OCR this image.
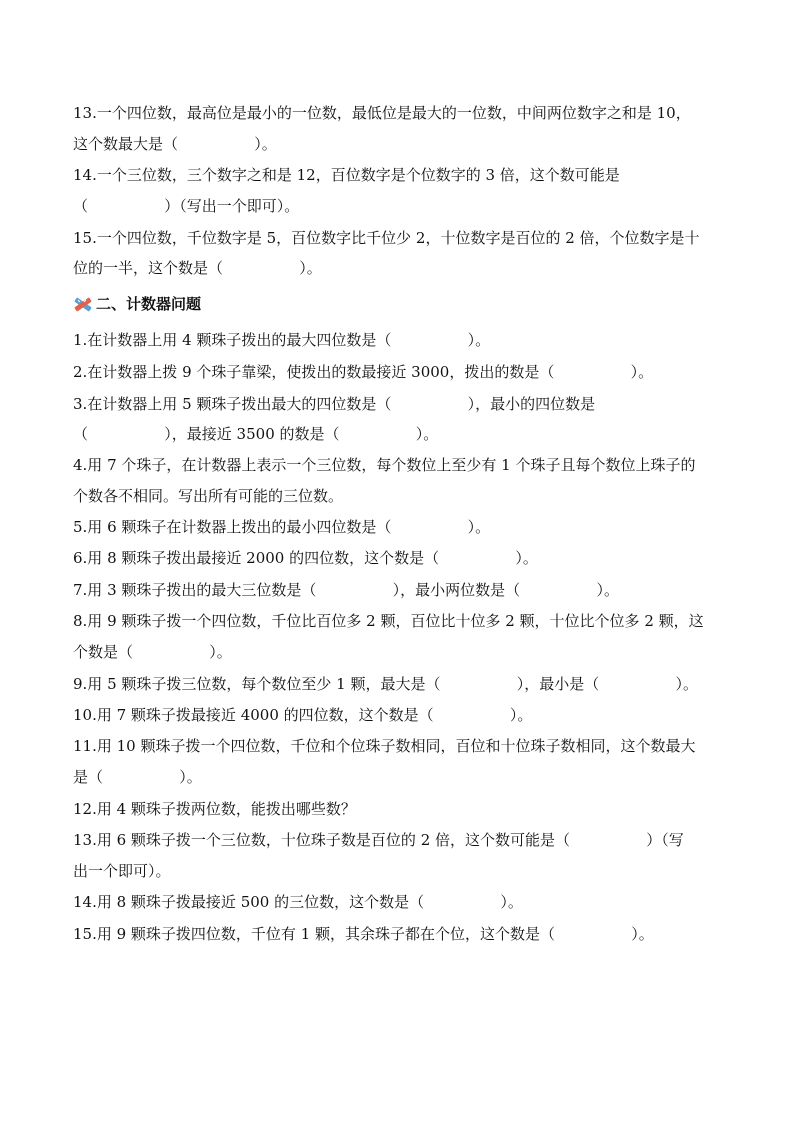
13.一个四位数，最高位是最小的一位数，最低位是最大的一位数，中间两位数字之和是 10，
这个数最大是（                ）。
14.一个三位数，三个数字之和是 12，百位数字是个位数字的 3 倍，这个数可能是
（                ）（写出一个即可）。
15.一个四位数，千位数字是 5，百位数字比千位少 2，十位数字是百位的 2 倍，个位数字是十
位的一半，这个数是（                ）。
二、计数器问题
1.在计数器上用 4 颗珠子拨出的最大四位数是（                ）。
2.在计数器上拨 9 个珠子靠梁，使拨出的数最接近 3000，拨出的数是（                ）。
3.在计数器上用 5 颗珠子拨出最大的四位数是（                ），最小的四位数是
（                ），最接近 3500 的数是（                ）。
4.用 7 个珠子，在计数器上表示一个三位数，每个数位上至少有 1 个珠子且每个数位上珠子的
个数各不相同。写出所有可能的三位数。
5.用 6 颗珠子在计数器上拨出的最小四位数是（                ）。
6.用 8 颗珠子拨出最接近 2000 的四位数，这个数是（                ）。
7.用 3 颗珠子拨出的最大三位数是（                ），最小两位数是（                ）。
8.用 9 颗珠子拨一个四位数，千位比百位多 2 颗，百位比十位多 2 颗，十位比个位多 2 颗，这
个数是（                ）。
9.用 5 颗珠子拨三位数，每个数位至少 1 颗，最大是（                ），最小是（                ）。
10.用 7 颗珠子拨最接近 4000 的四位数，这个数是（                ）。
11.用 10 颗珠子拨一个四位数，千位和个位珠子数相同，百位和十位珠子数相同，这个数最大
是（                ）。
12.用 4 颗珠子拨两位数，能拨出哪些数？
13.用 6 颗珠子拨一个三位数，十位珠子数是百位的 2 倍，这个数可能是（                ）（写
出一个即可）。
14.用 8 颗珠子拨最接近 500 的三位数，这个数是（                ）。
15.用 9 颗珠子拨四位数，千位有 1 颗，其余珠子都在个位，这个数是（                ）。
